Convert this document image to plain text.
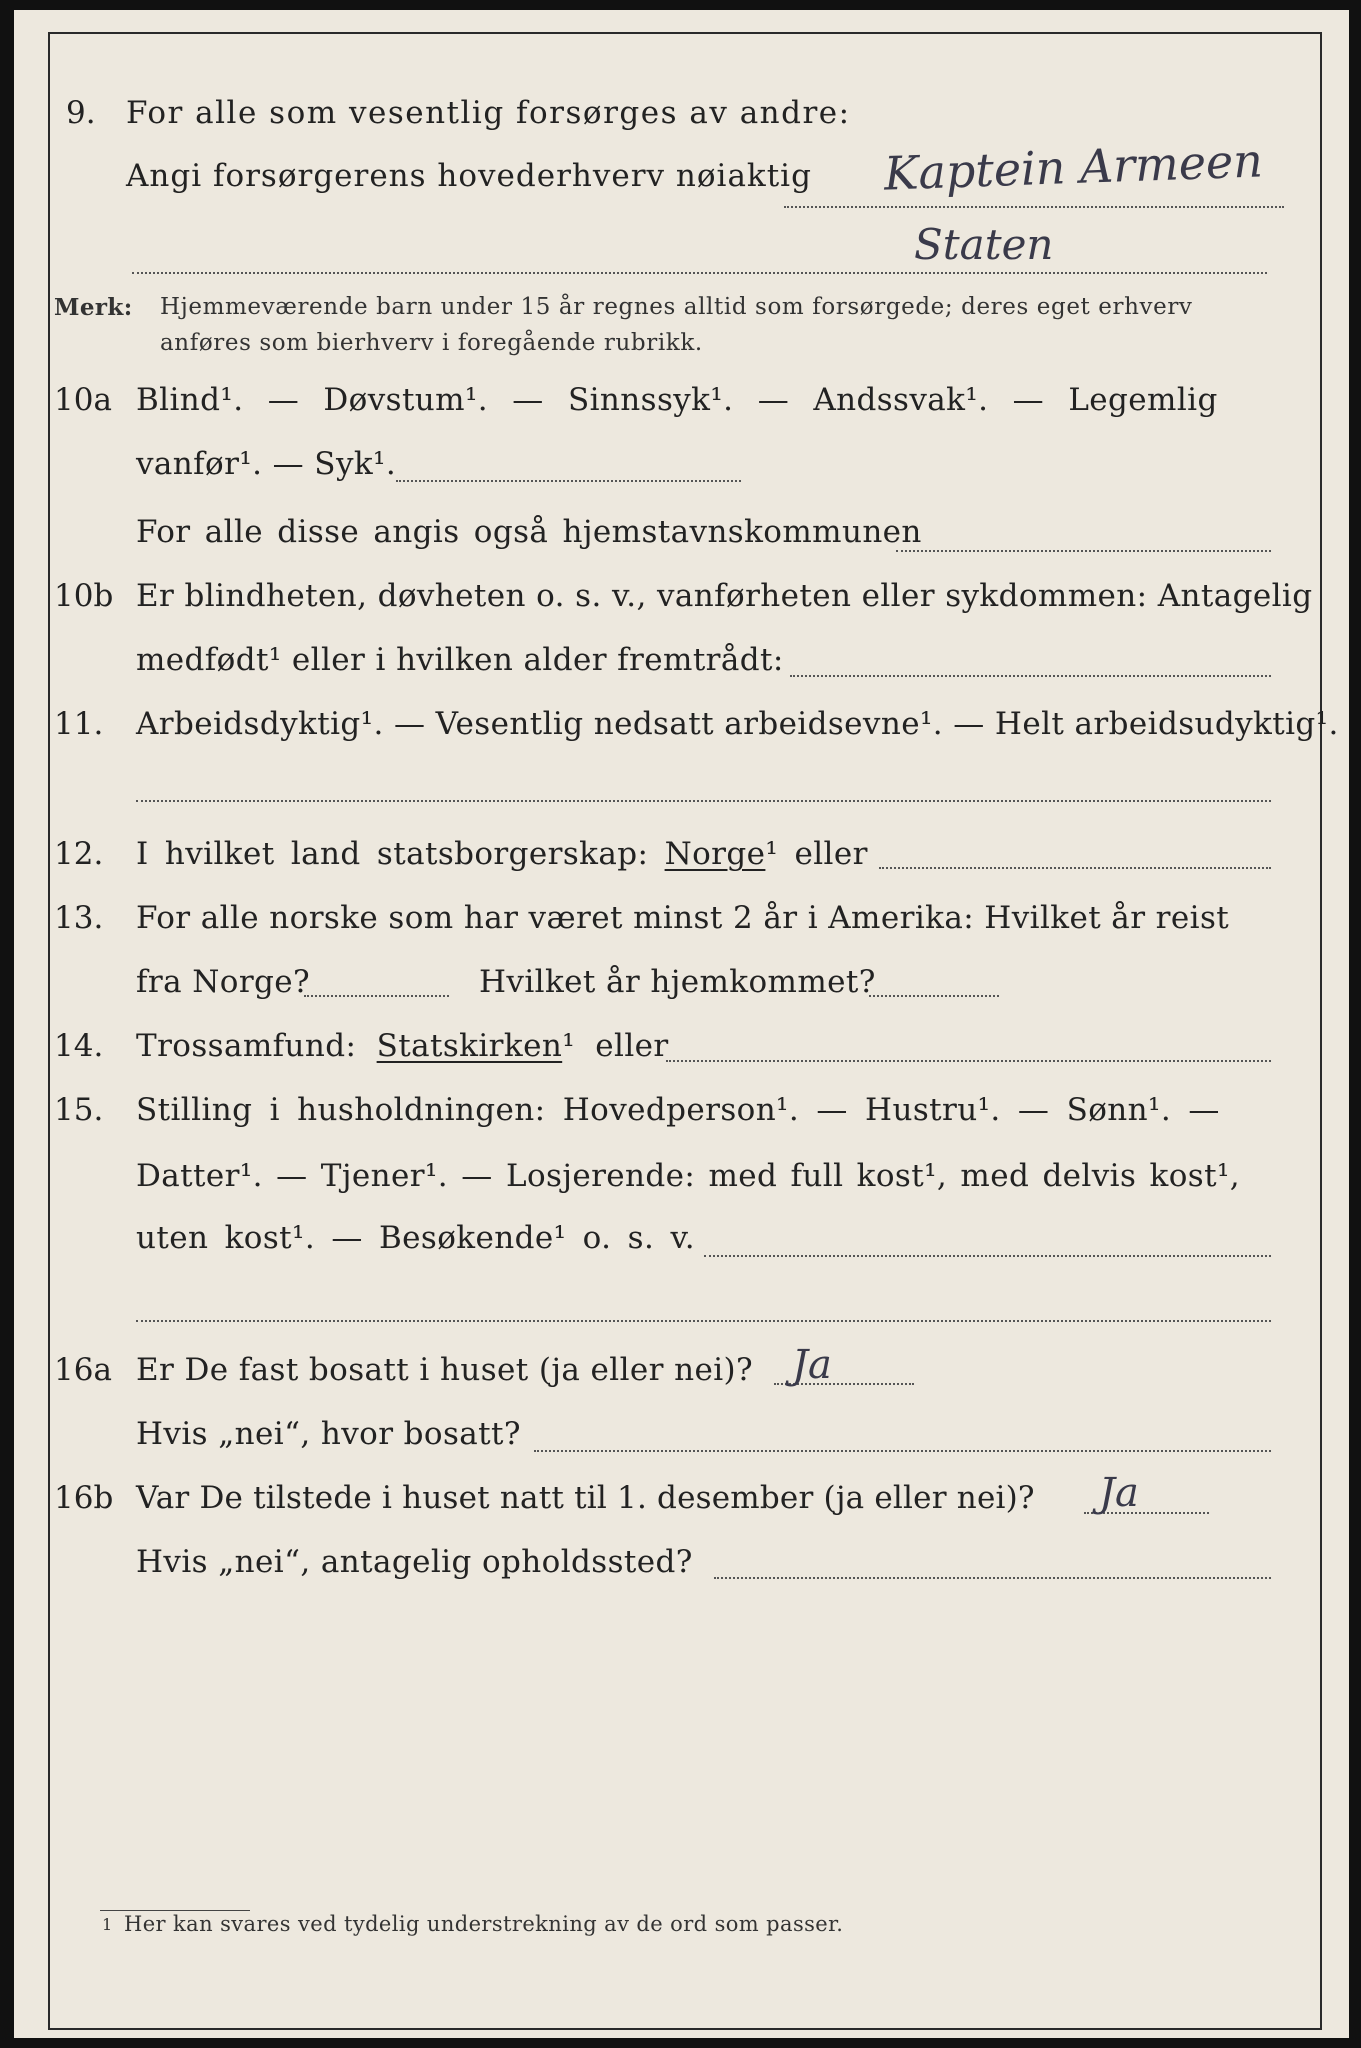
9. For alle som vesentlig forsørges av andre:
Angi forsørgerens hovederhverv nøiaktig Kaptein Armeen
Staten
Merk: Hjemmeværende barn under 15 år regnes alltid som forsørgede; deres eget erhverv
anføres som bierhverv i foregående rubrikk.
10a Blind¹. — Døvstum¹. — Sinnssyk¹. — Andssvak¹. — Legemlig
vanfør¹. — Syk¹.
For alle disse angis også hjemstavnskommunen
10b Er blindheten, døvheten o. s. v., vanførheten eller sykdommen: Antagelig
medfødt¹ eller i hvilken alder fremtrådt:
11. Arbeidsdyktig¹. — Vesentlig nedsatt arbeidsevne¹. — Helt arbeidsudyktig¹.
12. I hvilket land statsborgerskap: Norge¹ eller
13. For alle norske som har været minst 2 år i Amerika: Hvilket år reist
fra Norge?	Hvilket år hjemkommet?
14. Trossamfund: Statskirken¹ eller
15. Stilling i husholdningen: Hovedperson¹. — Hustru¹. — Sønn¹. —
Datter¹. — Tjener¹. — Losjerende: med full kost¹, med delvis kost¹,
uten kost¹. — Besøkende¹ o. s. v.
16a Er De fast bosatt i huset (ja eller nei)? Ja
Hvis „nei“, hvor bosatt?
16b Var De tilstede i huset natt til 1. desember (ja eller nei)? Ja
Hvis „nei“, antagelig opholdssted?
1 Her kan svares ved tydelig understrekning av de ord som passer.
